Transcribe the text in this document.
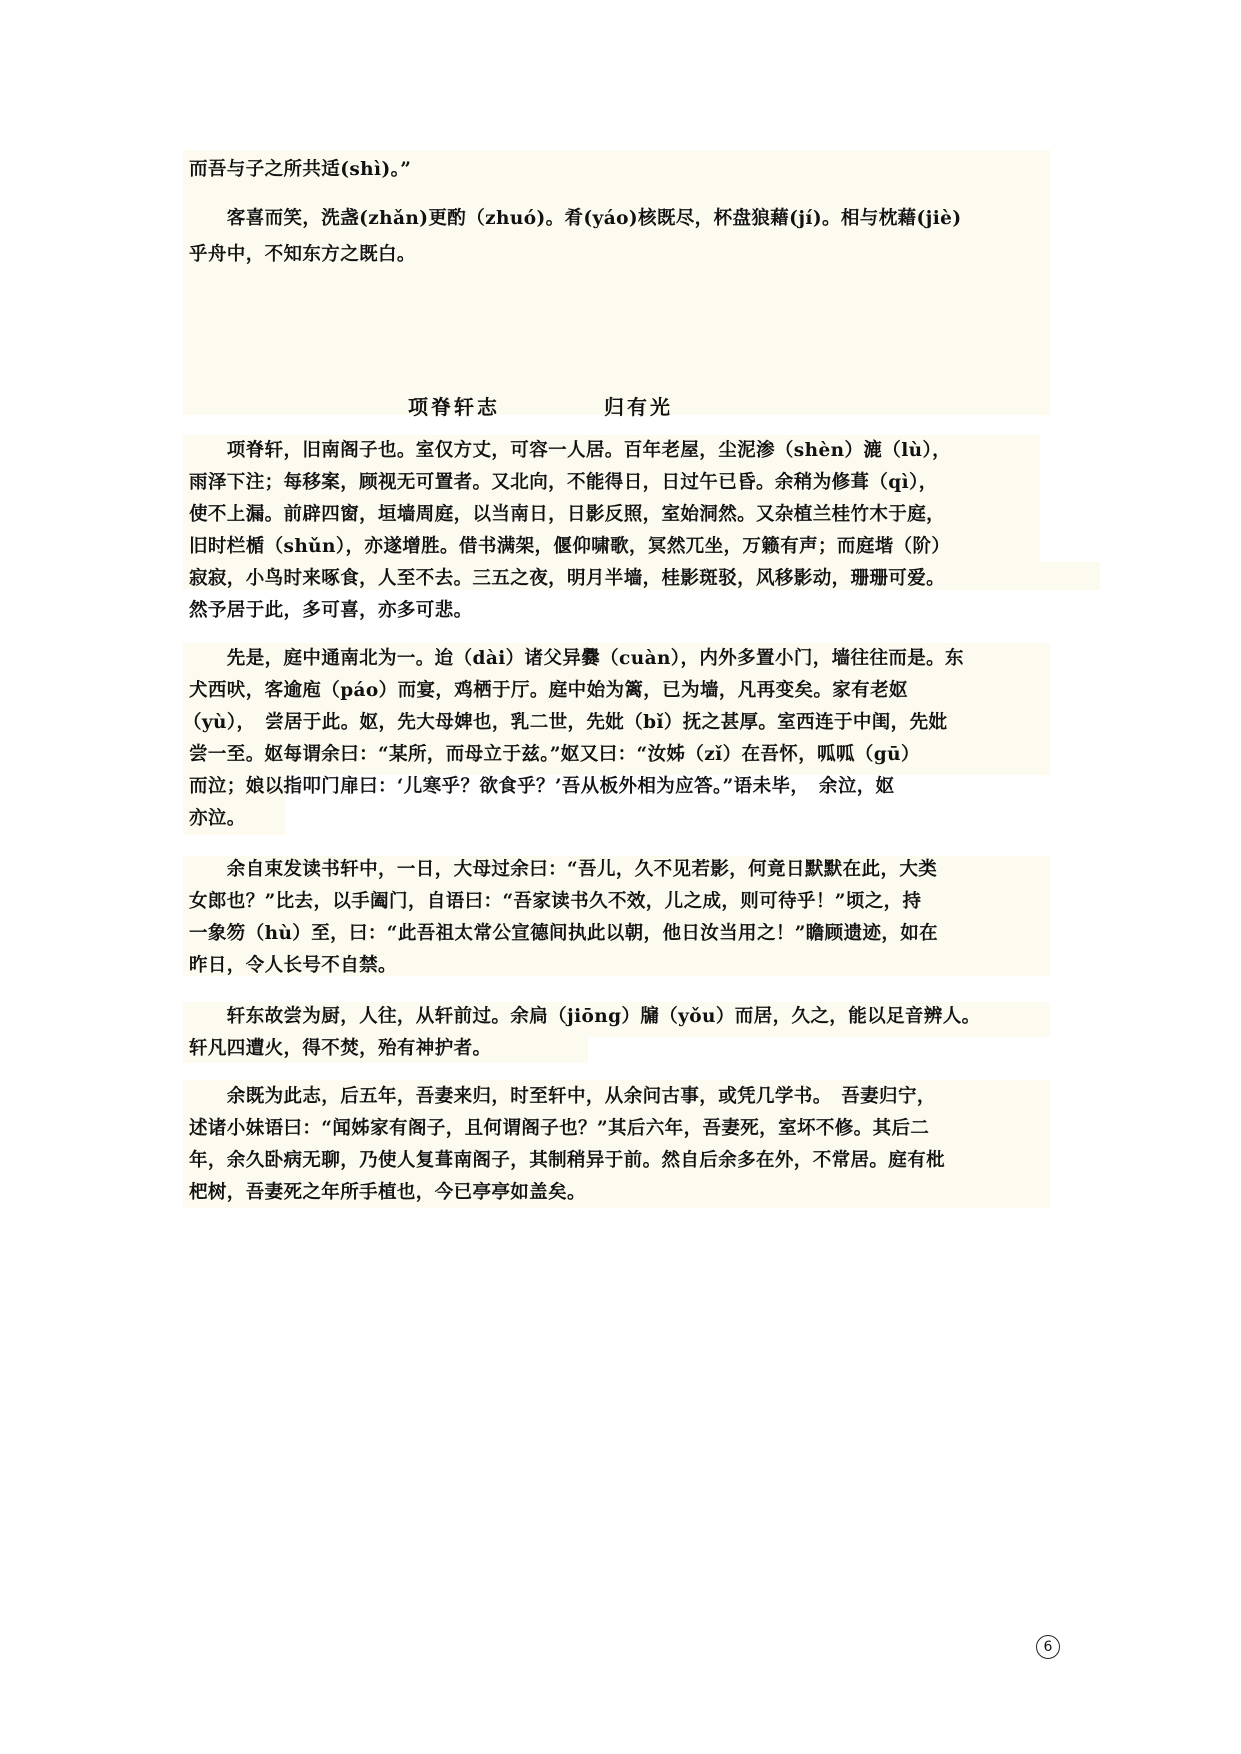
而吾与子之所共适(shì)。”
　　客喜而笑，洗盏(zhǎn)更酌（zhuó)。肴(yáo)核既尽，杯盘狼藉(jí)。相与枕藉(jiè)
乎舟中，不知东方之既白。
项脊轩志	归有光
　　项脊轩，旧南阁子也。室仅方丈，可容一人居。百年老屋，尘泥渗（shèn）漉（lù），
雨泽下注；每移案，顾视无可置者。又北向，不能得日，日过午已昏。余稍为修葺（qì），
使不上漏。前辟四窗，垣墙周庭，以当南日，日影反照，室始洞然。又杂植兰桂竹木于庭，
旧时栏楯（shǔn），亦遂增胜。借书满架，偃仰啸歌，冥然兀坐，万籁有声；而庭堦（阶）
寂寂，小鸟时来啄食，人至不去。三五之夜，明月半墙，桂影斑驳，风移影动，珊珊可爱。
然予居于此，多可喜，亦多可悲。
　　先是，庭中通南北为一。迨（dài）诸父异爨（cuàn），内外多置小门，墙往往而是。东
犬西吠，客逾庖（páo）而宴，鸡栖于厅。庭中始为篱，已为墙，凡再变矣。家有老妪
（yù），　尝居于此。妪，先大母婢也，乳二世，先妣（bǐ）抚之甚厚。室西连于中闺，先妣
尝一至。妪每谓余曰：“某所，而母立于兹。”妪又曰：“汝姊（zǐ）在吾怀，呱呱（gū）
而泣；娘以指叩门扉曰：‘儿寒乎？欲食乎？’吾从板外相为应答。”语未毕，　余泣，妪
亦泣。
　　余自束发读书轩中，一日，大母过余曰：“吾儿，久不见若影，何竟日默默在此，大类
女郎也？”比去，以手阖门，自语曰：“吾家读书久不效，儿之成，则可待乎！”顷之，持
一象笏（hù）至，曰：“此吾祖太常公宣德间执此以朝，他日汝当用之！”瞻顾遗迹，如在
昨日，令人长号不自禁。
　　轩东故尝为厨，人往，从轩前过。余扃（jiōng）牖（yǒu）而居，久之，能以足音辨人。
轩凡四遭火，得不焚，殆有神护者。
　　余既为此志，后五年，吾妻来归，时至轩中，从余问古事，或凭几学书。　吾妻归宁，
述诸小妹语曰：“闻姊家有阁子，且何谓阁子也？”其后六年，吾妻死，室坏不修。其后二
年，余久卧病无聊，乃使人复葺南阁子，其制稍异于前。然自后余多在外，不常居。庭有枇
杷树，吾妻死之年所手植也，今已亭亭如盖矣。
6
